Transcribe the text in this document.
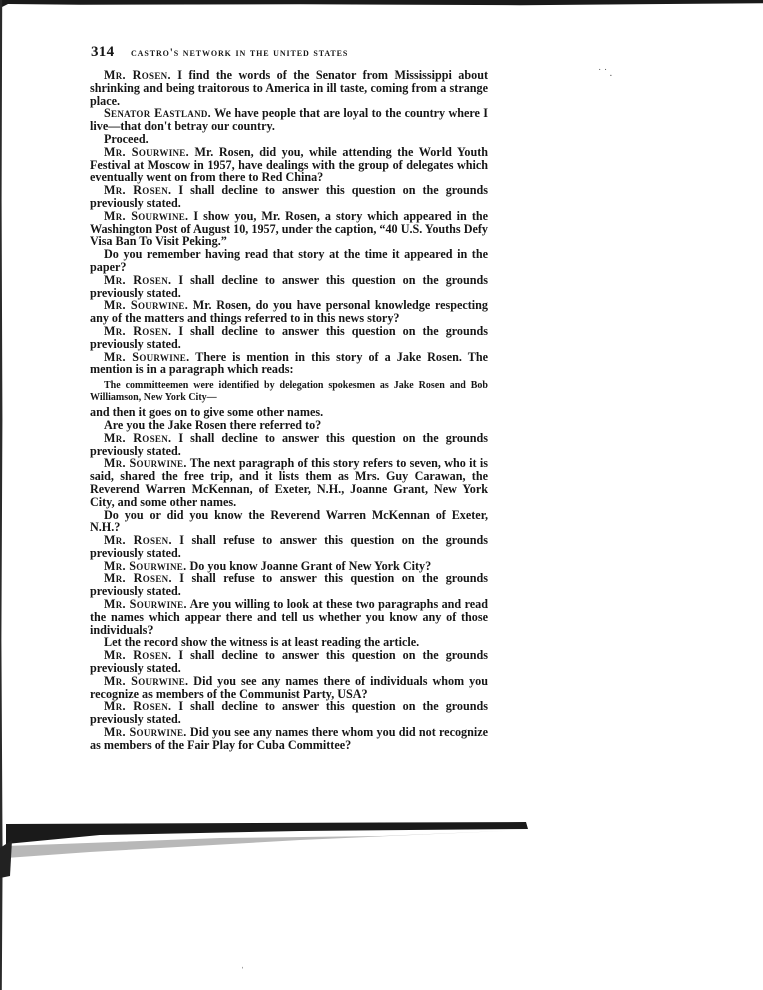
314 castro's network in the united states
˙ ˙ .

Mr. Rosen. I find the words of the Senator from Mississippi about shrinking and being traitorous to America in ill taste, coming from a strange place.

Senator Eastland. We have people that are loyal to the country where I live—that don't betray our country.

Proceed.

Mr. Sourwine. Mr. Rosen, did you, while attending the World Youth Festival at Moscow in 1957, have dealings with the group of delegates which eventually went on from there to Red China?

Mr. Rosen. I shall decline to answer this question on the grounds previously stated.

Mr. Sourwine. I show you, Mr. Rosen, a story which appeared in the Washington Post of August 10, 1957, under the caption, “40 U.S. Youths Defy Visa Ban To Visit Peking.”

Do you remember having read that story at the time it appeared in the paper?

Mr. Rosen. I shall decline to answer this question on the grounds previously stated.

Mr. Sourwine. Mr. Rosen, do you have personal knowledge respecting any of the matters and things referred to in this news story?

Mr. Rosen. I shall decline to answer this question on the grounds previously stated.

Mr. Sourwine. There is mention in this story of a Jake Rosen. The mention is in a paragraph which reads:

The committeemen were identified by delegation spokesmen as Jake Rosen and Bob Williamson, New York City—

and then it goes on to give some other names.

Are you the Jake Rosen there referred to?

Mr. Rosen. I shall decline to answer this question on the grounds previously stated.

Mr. Sourwine. The next paragraph of this story refers to seven, who it is said, shared the free trip, and it lists them as Mrs. Guy Carawan, the Reverend Warren McKennan, of Exeter, N.H., Joanne Grant, New York City, and some other names.

Do you or did you know the Reverend Warren McKennan of Exeter, N.H.?

Mr. Rosen. I shall refuse to answer this question on the grounds previously stated.

Mr. Sourwine. Do you know Joanne Grant of New York City?

Mr. Rosen. I shall refuse to answer this question on the grounds previously stated.

Mr. Sourwine. Are you willing to look at these two paragraphs and read the names which appear there and tell us whether you know any of those individuals?

Let the record show the witness is at least reading the article.

Mr. Rosen. I shall decline to answer this question on the grounds previously stated.

Mr. Sourwine. Did you see any names there of individuals whom you recognize as members of the Communist Party, USA?

Mr. Rosen. I shall decline to answer this question on the grounds previously stated.

Mr. Sourwine. Did you see any names there whom you did not recognize as members of the Fair Play for Cuba Committee?

ˌ
